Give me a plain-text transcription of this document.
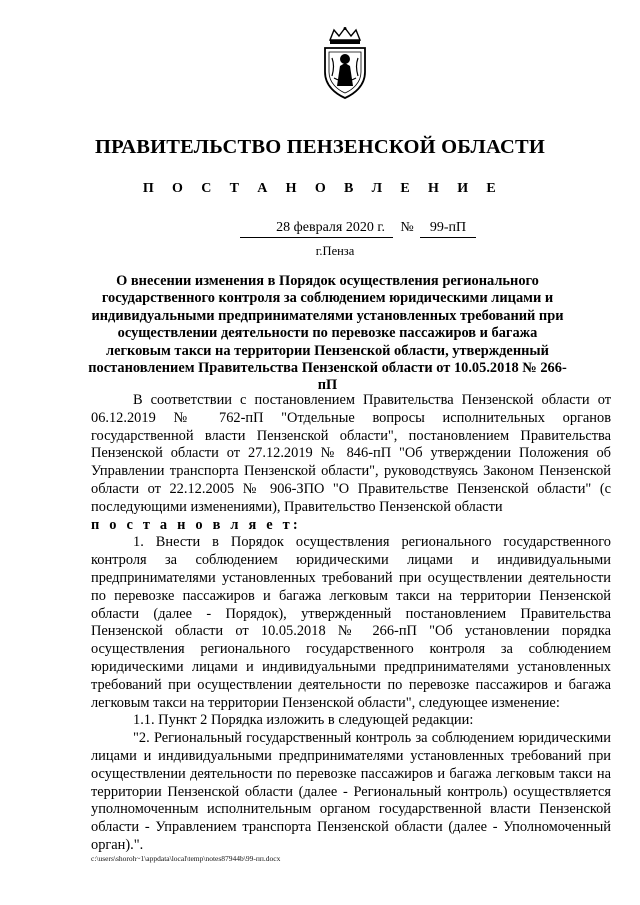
ПРАВИТЕЛЬСТВО ПЕНЗЕНСКОЙ ОБЛАСТИ
П О С Т А Н О В Л Е Н И Е
28 февраля 2020 г.	№	99-пП
г.Пенза
О внесении изменения в Порядок осуществления регионального государственного контроля за соблюдением юридическими лицами и индивидуальными предпринимателями установленных требований при осуществлении деятельности по перевозке пассажиров и багажа легковым такси на территории Пензенской области, утвержденный постановлением Правительства Пензенской области от 10.05.2018 № 266-пП

В соответствии с постановлением Правительства Пензенской области от 06.12.2019 № 762-пП "Отдельные вопросы исполнительных органов государственной власти Пензенской области", постановлением Правительства Пензенской области от 27.12.2019 № 846-пП "Об утверждении Положения об Управлении транспорта Пензенской области", руководствуясь Законом Пензенской области от 22.12.2005 № 906-ЗПО "О Правительстве Пензенской области" (с последующими изменениями), Правительство Пензенской области

п о с т а н о в л я е т:

1. Внести в Порядок осуществления регионального государственного контроля за соблюдением юридическими лицами и индивидуальными предпринимателями установленных требований при осуществлении деятельности по перевозке пассажиров и багажа легковым такси на территории Пензенской области (далее - Порядок), утвержденный постановлением Правительства Пензенской области от 10.05.2018 № 266-пП "Об установлении порядка осуществления регионального государственного контроля за соблюдением юридическими лицами и индивидуальными предпринимателями установленных требований при осуществлении деятельности по перевозке пассажиров и багажа легковым такси на территории Пензенской области", следующее изменение:

1.1. Пункт 2 Порядка изложить в следующей редакции:

"2. Региональный государственный контроль за соблюдением юридическими лицами и индивидуальными предпринимателями установленных требований при осуществлении деятельности по перевозке пассажиров и багажа легковым такси на территории Пензенской области (далее - Региональный контроль) осуществляется уполномоченным исполнительным органом государственной власти Пензенской области - Управлением транспорта Пензенской области (далее - Уполномоченный орган).".

c:\users\shoroh~1\appdata\local\temp\notes87944b\99-пп.docx
